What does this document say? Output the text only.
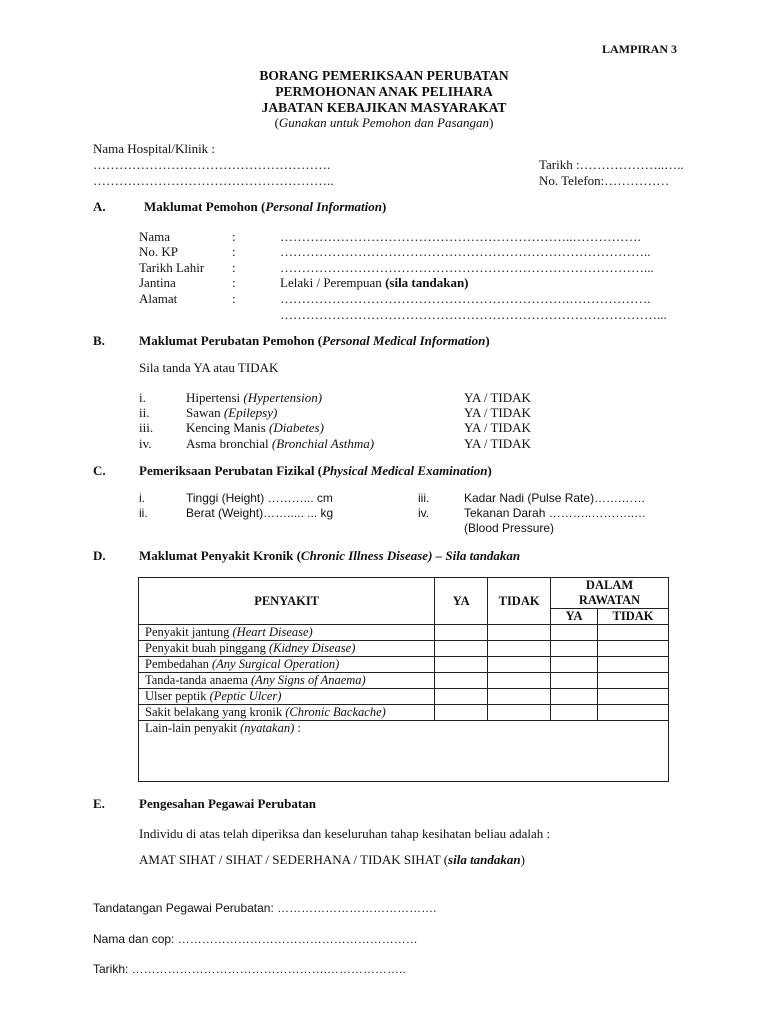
LAMPIRAN 3
BORANG PEMERIKSAAN PERUBATAN
PERMOHONAN ANAK PELIHARA
JABATAN KEBAJIKAN MASYARAKAT
(Gunakan untuk Pemohon dan Pasangan)
Nama Hospital/Klinik :
……………………………………………….
………………………………………………..
Tarikh :………………..…..
No. Telefon:……………
A.	Maklumat Pemohon (Personal Information)
Nama	:	…………………………………………………………..…………….
No. KP	:	…………………………………………………………………………..
Tarikh Lahir :	…………………………………………………………………………...
Jantina	:	Lelaki / Perempuan (sila tandakan)
Alamat	:	………………………………………………………….……………….
……………………………………………………………………………...
B.	Maklumat Perubatan Pemohon (Personal Medical Information)
Sila tanda YA atau TIDAK
i.	Hipertensi (Hypertension)	YA / TIDAK
ii.	Sawan (Epilepsy)	YA / TIDAK
iii.	Kencing Manis (Diabetes)	YA / TIDAK
iv.	Asma bronchial (Bronchial Asthma)	YA / TIDAK
C.	Pemeriksaan Perubatan Fizikal (Physical Medical Examination)
i.	Tinggi (Height) ………... cm
ii.	Berat (Weight)……..... ... kg
iii.	Kadar Nadi (Pulse Rate)…….……
iv.	Tekanan Darah ………..………..…
(Blood Pressure)
D.	Maklumat Penyakit Kronik (Chronic Illness Disease) – Sila tandakan
PENYAKIT	YA	TIDAK	DALAM
RAWATAN	
			YA	TIDAK
Penyakit jantung (Heart Disease)				
Penyakit buah pinggang (Kidney Disease)				
Pembedahan (Any Surgical Operation)				
Tanda-tanda anaema (Any Signs of Anaema)				
Ulser peptik (Peptic Ulcer)				
Sakit belakang yang kronik (Chronic Backache)				
Lain-lain penyakit (nyatakan) :				
E.	Pengesahan Pegawai Perubatan
Individu di atas telah diperiksa dan keseluruhan tahap kesihatan beliau adalah :
AMAT SIHAT / SIHAT / SEDERHANA / TIDAK SIHAT (sila tandakan)
Tandatangan Pegawai Perubatan: ………………………………….
Nama dan cop: ……………………………………………………
Tarikh: ………………………………………….………………..
